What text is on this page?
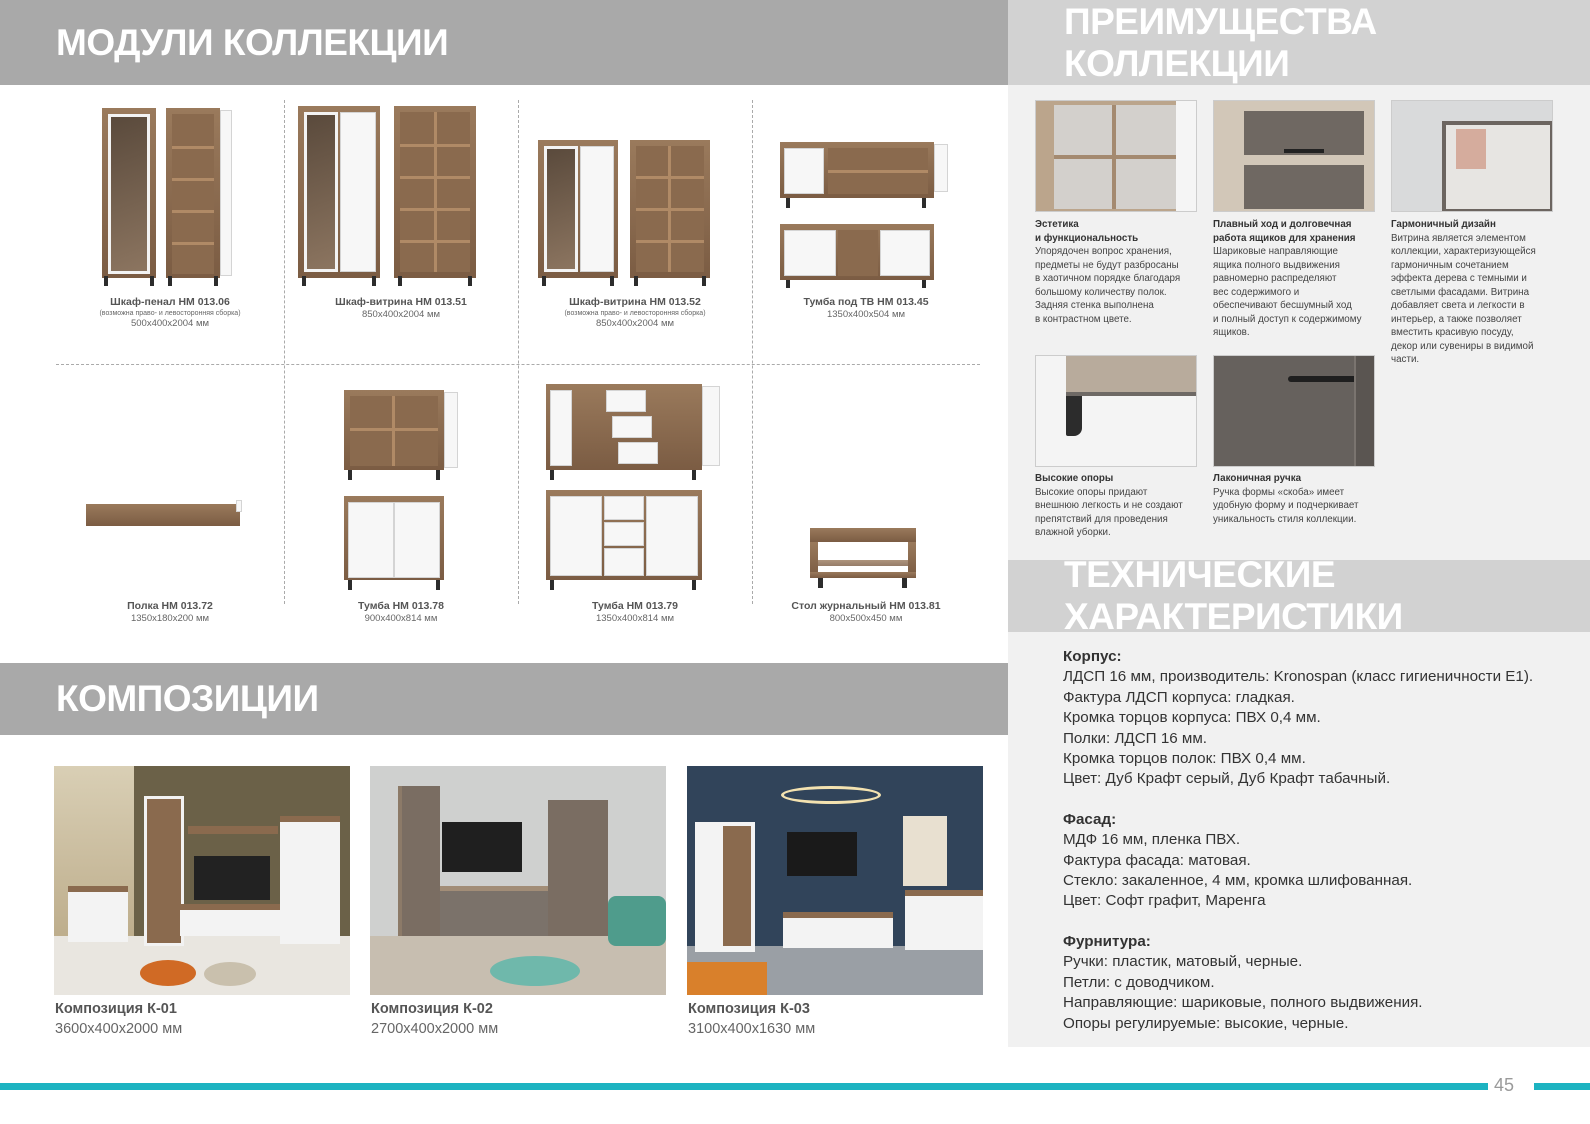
МОДУЛИ КОЛЛЕКЦИИ
ПРЕИМУЩЕСТВА КОЛЛЕКЦИИ
Шкаф-пенал НМ 013.06
(возможна право- и левосторонняя сборка)
500х400х2004 мм
Шкаф-витрина НМ 013.51
850х400х2004 мм
Шкаф-витрина НМ 013.52
(возможна право- и левосторонняя сборка)
850х400х2004 мм
Тумба под ТВ НМ 013.45
1350х400х504 мм
Полка НМ 013.72
1350х180х200 мм
Тумба НМ 013.78
900х400х814 мм
Тумба НМ 013.79
1350х400х814 мм
Стол журнальный НМ 013.81
800х500х450 мм
КОМПОЗИЦИИ
Композиция К-01
3600х400х2000 мм
Композиция К-02
2700х400х2000 мм
Композиция К-03
3100х400х1630 мм
Эстетика
и функциональность
Упорядочен вопрос хранения,
предметы не будут разбросаны
в хаотичном порядке благодаря
большому количеству полок.
Задняя стенка выполнена
в контрастном цвете.
Плавный ход и долговечная
работа ящиков для хранения
Шариковые направляющие
ящика полного выдвижения
равномерно распределяют
вес содержимого и
обеспечивают бесшумный ход
и полный доступ к содержимому
ящиков.
Гармоничный дизайн
Витрина является элементом
коллекции, характеризующейся
гармоничным сочетанием
эффекта дерева с темными и
светлыми фасадами. Витрина
добавляет света и легкости в
интерьер, а также позволяет
вместить красивую посуду,
декор или сувениры в видимой
части.
Высокие опоры
Высокие опоры придают
внешнюю легкость и не создают
препятствий для проведения
влажной уборки.
Лаконичная ручка
Ручка формы «скоба» имеет
удобную форму и подчеркивает
уникальность стиля коллекции.
ТЕХНИЧЕСКИЕ ХАРАКТЕРИСТИКИ
Корпус:
ЛДСП 16 мм, производитель: Kronospan (класс гигиеничности Е1).
Фактура ЛДСП корпуса: гладкая.
Кромка торцов корпуса: ПВХ 0,4 мм.
Полки: ЛДСП 16 мм.
Кромка торцов полок: ПВХ 0,4 мм.
Цвет: Дуб Крафт серый, Дуб Крафт табачный.
Фасад:
МДФ 16 мм, пленка ПВХ.
Фактура фасада: матовая.
Стекло: закаленное, 4 мм, кромка шлифованная.
Цвет: Софт графит, Маренга
Фурнитура:
Ручки: пластик, матовый, черные.
Петли: с доводчиком.
Направляющие: шариковые, полного выдвижения.
Опоры регулируемые: высокие, черные.
45
